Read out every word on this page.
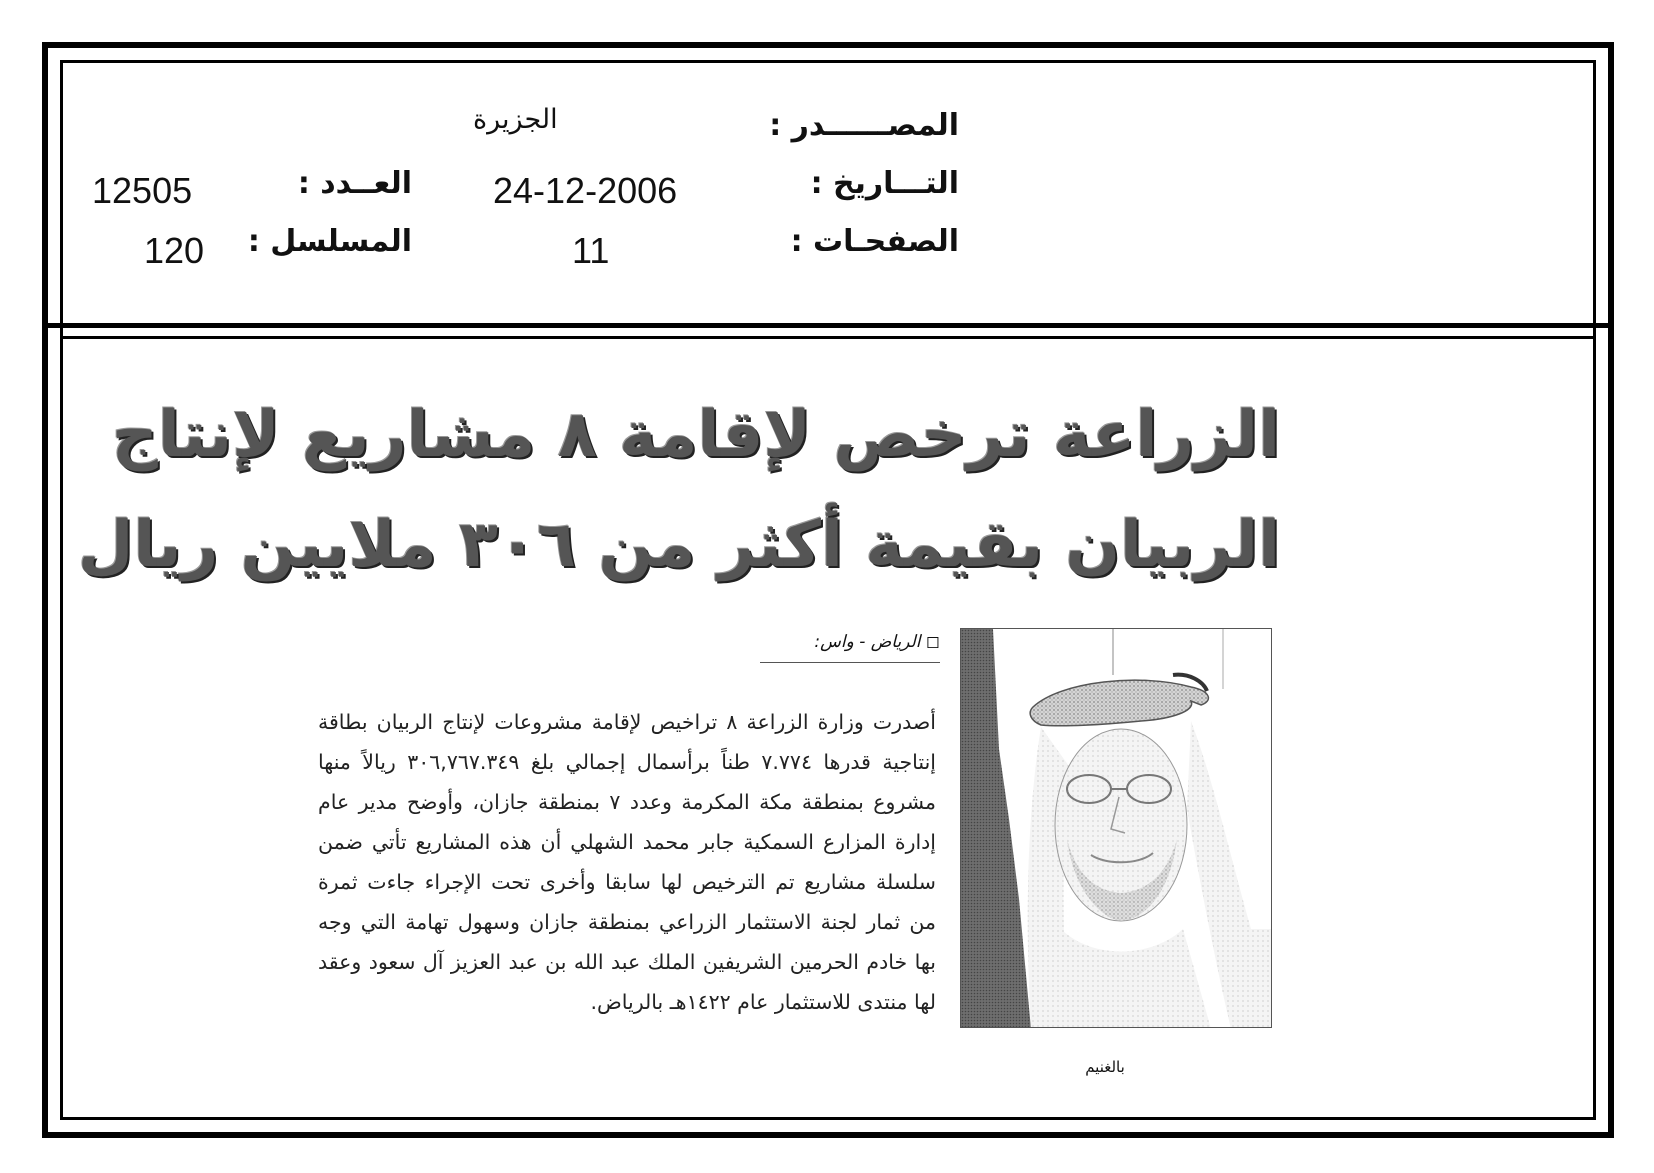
المصــــــدر :
التـــاريخ :
الصفحـات :
الجزيرة
24-12-2006
11
العــدد :
المسلسل :
12505
120
الزراعة ترخص لإقامة ٨ مشاريع لإنتاج
الربيان بقيمة أكثر من ٣٠٦ ملايين ريال
◻ الرياض - واس:
أصدرت وزارة الزراعة ٨ تراخيص لإقامة مشروعات لإنتاج الربيان بطاقة إنتاجية قدرها ٧.٧٧٤ طناً برأسمال إجمالي بلغ ٣٠٦,٧٦٧.٣٤٩ ريالاً منها مشروع بمنطقة مكة المكرمة وعدد ٧ بمنطقة جازان، وأوضح مدير عام إدارة المزارع السمكية جابر محمد الشهلي أن هذه المشاريع تأتي ضمن سلسلة مشاريع تم الترخيص لها سابقا وأخرى تحت الإجراء جاءت ثمرة من ثمار لجنة الاستثمار الزراعي بمنطقة جازان وسهول تهامة التي وجه بها خادم الحرمين الشريفين الملك عبد الله بن عبد العزيز آل سعود وعقد لها منتدى للاستثمار عام ١٤٢٢هـ بالرياض.
بالغنيم
